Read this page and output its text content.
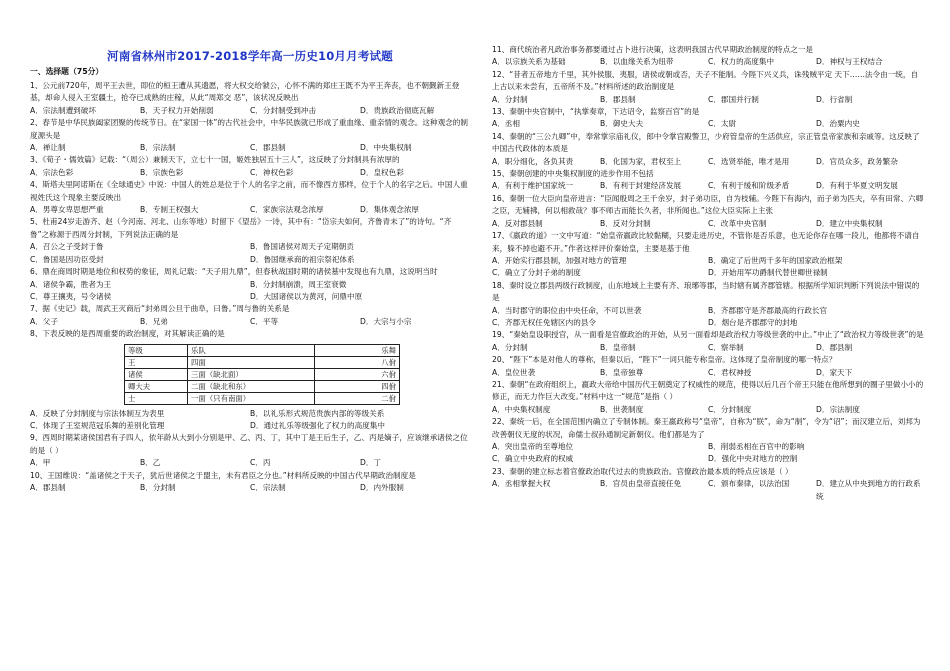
河南省林州市2017-2018学年高一历史10月月考试题
一、选择题（75分）

1、公元前720年，周平王去世，即位的桓王遭从其遗愿，将大权交给虢公，心怀不满的郑庄王既不为平王奔丧，也不朝觐新王登基，却命人侵入王室疆土，抢夺已成熟的庄稼，从此“周郑交 恶”，该状况反映出

A．宗法制遭到破坏	B．天子权力开始削弱	C．分封制受到冲击	D．贵族政治彻底瓦解

2、春节是中华民族阖家团聚的传统节日。在“家国一体”的古代社会中，中华民族就已形成了重血缘、重亲情的观念。这种观念的制度源头是

A．禅让制	B．宗法制	C．郡县制	D．中央集权制

3、《荀子・儒效篇》记载：“（周公）兼制天下，立七十一国，姬姓独居五十三人”，这反映了分封制具有浓厚的

A．宗法色彩	B．宗族色彩	C．神权色彩	D．皇权色彩

4、斯塔夫里阿诺斯在《全球通史》中说：中国人的姓总是位于个人的名字之前，而不像西方那样，位于个人的名字之后。中国人重视姓氏这个现象主要反映出

A．男尊女卑思想严重	B．专制王权强大	C．家族宗法观念浓厚	D．集体观念浓厚

5、杜甫24岁走游齐、赵（今河南、河北、山东等地）时留下《望岳》一诗，其中有：“岱宗夫如何，齐鲁青未了”的诗句。“齐鲁”之称源于西周分封制，下列说法正确的是

A．召公之子受封于鲁	B．鲁国诸侯对周天子定期朝贡
C．鲁国是因功臣受封	D．鲁国继承商的祖宗祭祀体系

6、鼎在商周时期是地位和权势的象征，周礼记载：“天子用九鼎”，但春秋战国时期的诸侯墓中发现也有九鼎，这说明当时

A．诸侯争霸，胜者为王	B．分封制崩溃，周王室衰微
C．尊王攘夷，号令诸侯	D．大国诸侯以为黄河，问鼎中原

7、据《史记》载，周武王灭商后“封弟周公旦于曲阜，曰鲁。”周与鲁的关系是

A．父子	B．兄弟	C．平等	D．大宗与小宗

8、下表反映的是西周重要的政治制度，对其解读正确的是

等级	乐队	乐舞
王	四面	八佾
诸侯	三面（缺北面）	六佾
卿大夫	二面（缺北和东）	四佾
士	一面（只有南面）	二佾
A．反映了分封制度与宗法体制互为表里	B．以礼乐形式规范贵族内部的等级关系
C．体现了王室规范冠乐舞的差别化管理	D．通过礼乐等级强化了权力的高度集中

9、西周时期某诸侯国君有子四人，依年龄从大到小分别是甲、乙、丙、丁，其中丁是王后生子，乙、丙是嫡子，应该继承诸侯之位的是（ ）

A．甲	B．乙	C．丙	D．丁

10、王国维说：“盖诸侯之于天子，犹后世诸侯之于盟主，未有君臣之分也。”材料所反映的中国古代早期政治制度是

A．郡县制	B．分封制	C．宗法制	D．内外服制

11、商代统治者凡政治事务都要通过占卜进行决策，这表明我国古代早期政治制度的特点之一是

A．以宗族关系为基础	B．以血缘关系为纽带	C．权力的高度集中	D．神权与王权结合

12、“昔者五帝地方千里，其外侯服、夷服，诸侯或朝或否，天子不能制。今陛下兴义兵，诛残贼平定 天下……法令由一统，自上古以来未尝有，五帝所不及。”材料所述的政治制度是

A．分封制	B．郡县制	C．郡国并行制	D．行省制

13、秦朝中央官制中，“执掌奏章，下达诏令，监察百官”的是

A．丞相	B．御史大夫	C．太尉	D．治粟内史

14、秦朝的“三公九卿”中，奉常掌宗庙礼仪，郎中令掌宫殿警卫，少府管皇帝的生活供应，宗正管皇帝家族和亲戚等。这反映了中国古代政体的本质是

A．职分细化，各负其责	B．化国为家，君权至上	C．选贤举能，唯才是用	D．官员众多，政务繁杂

15、秦朝创建的中央集权制度的进步作用不包括

A．有利于维护国家统一	B．有利于封建经济发展	C．有利于缓和阶级矛盾	D．有利于华夏文明发展

16、秦朝一位大臣向皇帝进言：“臣闻殷周之王千余岁，封子弟功臣，自为枝辅。今陛下有海内，而子弟为匹夫，卒有田常、六卿之臣，无辅拂，何以相救哉？事不师古而能长久者，非所闻也。”这位大臣实际上主张

A．反对郡县制	B．反对分封制	C．改革中央官制	D．建立中央集权制

17、《嬴政的道》一文中写道：“始皇帝嬴政比较黏糊，只要走进历史，不管你是否乐意，也无论你存在哪一段儿，他都将不请自来，躲不掉也避不开。”作者这样评价秦始皇，主要是基于他

A．开始实行郡县制，加强对地方的管理	B．确定了后世两千多年的国家政治框架
C．确立了分封子弟的制度	D．开始用军功爵制代替世卿世禄制

18、秦时设立郡县两级行政制度，山东地域上主要有齐、琅琊等郡，当时辖有属齐郡管辖。根据所学知识判断下列说法中错误的是

A．当时郡守的职位由中央任命，不可以世袭	B．齐郡郡守是齐郡最高的行政长官
C．齐郡无权任免辖区内的县令	D．烟台是齐郡郡守的封地

19、“秦始皇设职授官，从一面看是官僚政治的开始，从另一面看却是政治权力等级世袭的中止。”中止了“政治权力等级世袭”的是

A．分封制	B．皇帝制	C．察举制	D．郡县制

20、“陛下”本是对他人的尊称，但秦以后，“陛下”一词只能专称皇帝。这体现了皇帝制度的哪一特点？

A．皇位世袭	B．皇帝独尊	C．君权神授	D．家天下

21、秦朝“在政府组织上，嬴政大帝给中国历代王朝奠定了权威性的规范，使得以后几百个帝王只能在他所想到的圈子里做小小的修正，而无力作巨大改变。”材料中这一“规范”是指（ ）

A．中央集权制度	B．世袭制度	C．分封制度	D．宗法制度

22、秦统一后，在全国范围内确立了专制体制。秦王嬴政称号“皇帝”，自称为“朕”，命为“制”，令为“诏”；而汉建立后，刘邦为改善朝仪无度的状况，命儒士叔孙通制定新朝仪。他们都是为了

A．突出皇帝的至尊地位	B．削弱丞相在百官中的影响
C．确立中央政府的权威	D．强化中央对地方的控制

23、秦朝的建立标志着官僚政治取代过去的贵族政治。官僚政治最本质的特点应该是（ ）

A．丞相掌握大权	B．官员由皇帝直接任免	C．颁布秦律，以法治国	D．建立从中央到地方的行政系统
